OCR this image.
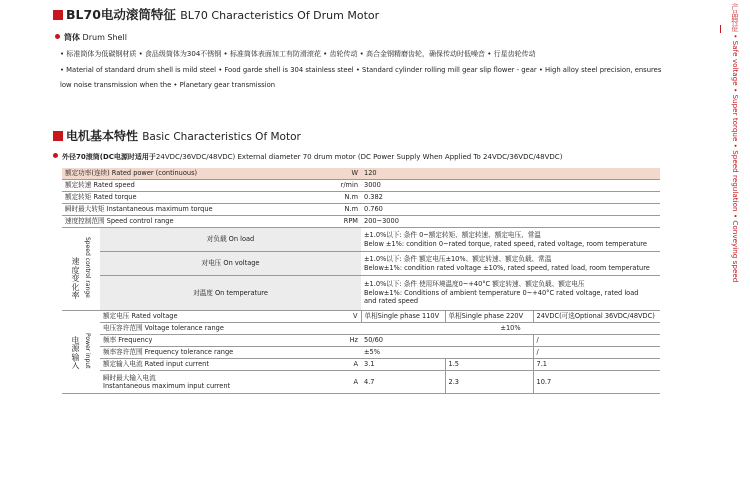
BL70电动滚筒特征 BL70 Characteristics Of Drum Motor
筒体 Drum Shell
• 标准筒体为低碳钢材质 • 食品级筒体为304不锈钢 • 标准筒体表面加工有防滑滚花 • 齿轮传动 • 高合金钢精磨齿轮，确保传动时低噪音 • 行星齿轮传动
• Material of standard drum shell is mild steel • Food garde shell is 304 stainless steel • Standard cylinder rolling mill gear slip flower - gear • High alloy steel precision, ensures
low noise transmission when the • Planetary gear transmission
电机基本特性 Basic Characteristics Of Motor
外径70滚筒(DC电源时适用于24VDC/36VDC/48VDC) External diameter 70 drum motor (DC Power Supply When Applied To 24VDC/36VDC/48VDC)
额定功率(连续) Rated power (continuous)		W	120		
额定转速 Rated speed		r/min	3000		
额定转矩 Rated torque		N.m	0.382		
瞬时最大转矩 Instantaneous maximum torque		N.m	0.760		
速度控制范围 Speed control range		RPM	200~3000		
速度变化率 Speed control range	对负载 On load		±1.0%以下: 条件 0~额定转矩、额定转速、额定电压、常温
Below ±1%: condition 0~rated torque, rated speed, rated voltage, room temperature		

	对电压 On voltage		±1.0%以下: 条件 额定电压±10%、额定转速、额定负载、常温
Below±1%: condition rated voltage ±10%, rated speed, rated load, room temperature		

	对温度 On temperature		±1.0%以下: 条件 使用环境温度0~+40°C 额定转速、额定负载、额定电压
Below±1%: Conditions of ambient temperature 0~+40°C rated voltage, rated load
and rated speed		

电源输入 Power input	额定电压 Rated voltage	V	单相Single phase 110V	单相Single phase 220V	24VDC(可选Optional 36VDC/48VDC)
	电压容许范围 Voltage tolerance range		±10%		
	频率 Frequency	Hz	50/60		/
	频率容许范围 Frequency tolerance range		±5%		/
	额定输入电流 Rated input current	A	3.1	1.5	7.1

	瞬时最大输入电流
Instantaneous maximum input current	A	4.7	2.3	10.7
产品特征 • Safe voltage • Super torque • Speed regulation • Conveying speed
